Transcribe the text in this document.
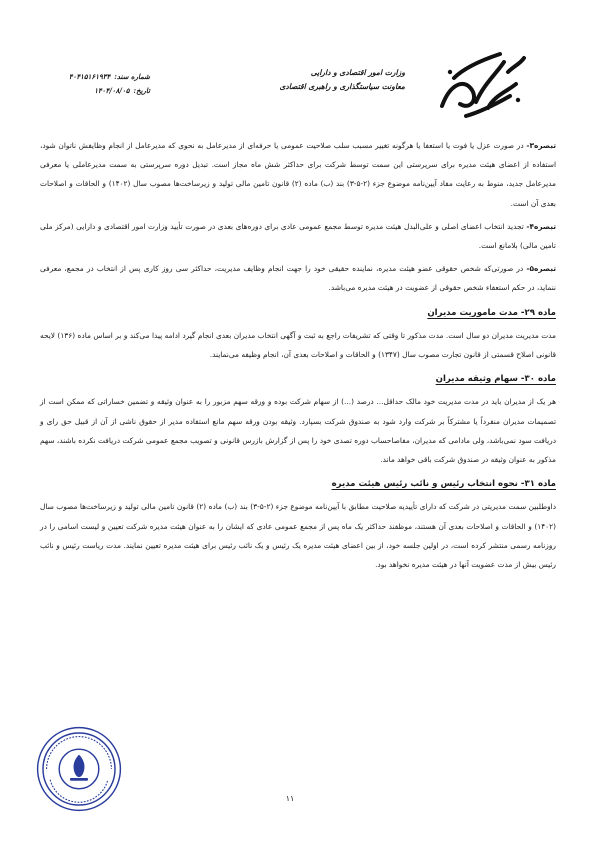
وزارت امور اقتصادی و دارایی
معاونت سیاستگذاری و راهبری اقتصادی
شماره سند:
۴۰۴۱۵۱۶۱۹۳۴
تاریخ:
۱۴۰۴/۰۸/۰۵
تبصره۳- در صورت عزل یا فوت یا استعفا یا هرگونه تغییر مسبب سلب صلاحیت عمومی یا حرفه‌ای از مدیرعامل به نحوی که مدیرعامل از انجام وظایفش ناتوان شود، استفاده از اعضای هیئت مدیره برای سرپرستی این سمت توسط شرکت برای حداکثر شش ماه مجاز است. تبدیل دوره سرپرستی به سمت مدیرعاملی یا معرفی مدیرعامل جدید، منوط به رعایت مفاد آیین‌نامه موضوع جزء (۲-۵-۳) بند (ب) ماده (۲) قانون تامین مالی تولید و زیرساخت‌ها مصوب سال (۱۴۰۲) و الحاقات و اصلاحات بعدی آن است.
تبصره۴- تجدید انتخاب اعضای اصلی و علی‌البدل هیئت مدیره توسط مجمع عمومی عادی برای دوره‌های بعدی در صورت تأیید وزارت امور اقتصادی و دارایی (مرکز ملی تامین مالی) بلامانع است.
تبصره۵- در صورتی‌که شخص حقوقی عضو هیئت مدیره، نماینده حقیقی خود را جهت انجام وظایف مدیریت، حداکثر سی روز کاری پس از انتخاب در مجمع، معرفی ننماید، در حکم استعفاء شخص حقوقی از عضویت در هیئت مدیره می‌باشد.
ماده ۲۹- مدت ماموریت مدیران
مدت مدیریت مدیران دو سال است. مدت مذکور تا وقتی که تشریفات راجع به ثبت و آگهی انتخاب مدیران بعدی انجام گیرد ادامه پیدا می‌کند و بر اساس ماده (۱۳۶) لایحه قانونی اصلاح قسمتی از قانون تجارت مصوب سال (۱۳۴۷) و الحاقات و اصلاحات بعدی آن، انجام وظیفه می‌نمایند.
ماده ۳۰- سهام وثیقه مدیران
هر یک از مدیران باید در مدت مدیریت خود مالک حداقل... درصد (...) از سهام شرکت بوده و ورقه سهم مزبور را به عنوان وثیقه و تضمین خساراتی که ممکن است از تصمیمات مدیران منفرداً یا مشترکاً بر شرکت وارد شود به صندوق شرکت بسپارد. وثیقه بودن ورقه سهم مانع استفاده مدیر از حقوق ناشی از آن از قبیل حق رای و دریافت سود نمی‌باشد، ولی مادامی که مدیران، مفاصاحساب دوره تصدی خود را پس از گزارش بازرس قانونی و تصویب مجمع عمومی شرکت دریافت نکرده باشند، سهم مذکور به عنوان وثیقه در صندوق شرکت باقی خواهد ماند.
ماده ۳۱- نحوه انتخاب رئیس و نائب رئیس هیئت مدیره
داوطلبین سمت مدیریتی در شرکت که دارای تأییدیه صلاحیت مطابق با آیین‌نامه موضوع جزء (۲-۵-۳) بند (ب) ماده (۲) قانون تامین مالی تولید و زیرساخت‌ها مصوب سال (۱۴۰۲) و الحاقات و اصلاحات بعدی آن هستند، موظفند حداکثر یک ماه پس از مجمع عمومی عادی که ایشان را به عنوان هیئت مدیره شرکت تعیین و لیست اسامی را در روزنامه رسمی منتشر کرده است، در اولین جلسه خود، از بین اعضای هیئت مدیره یک رئیس و یک نائب رئیس برای هیئت مدیره تعیین نمایند. مدت ریاست رئیس و نائب رئیس بیش از مدت عضویت آنها در هیئت مدیره نخواهد بود.
۱۱
